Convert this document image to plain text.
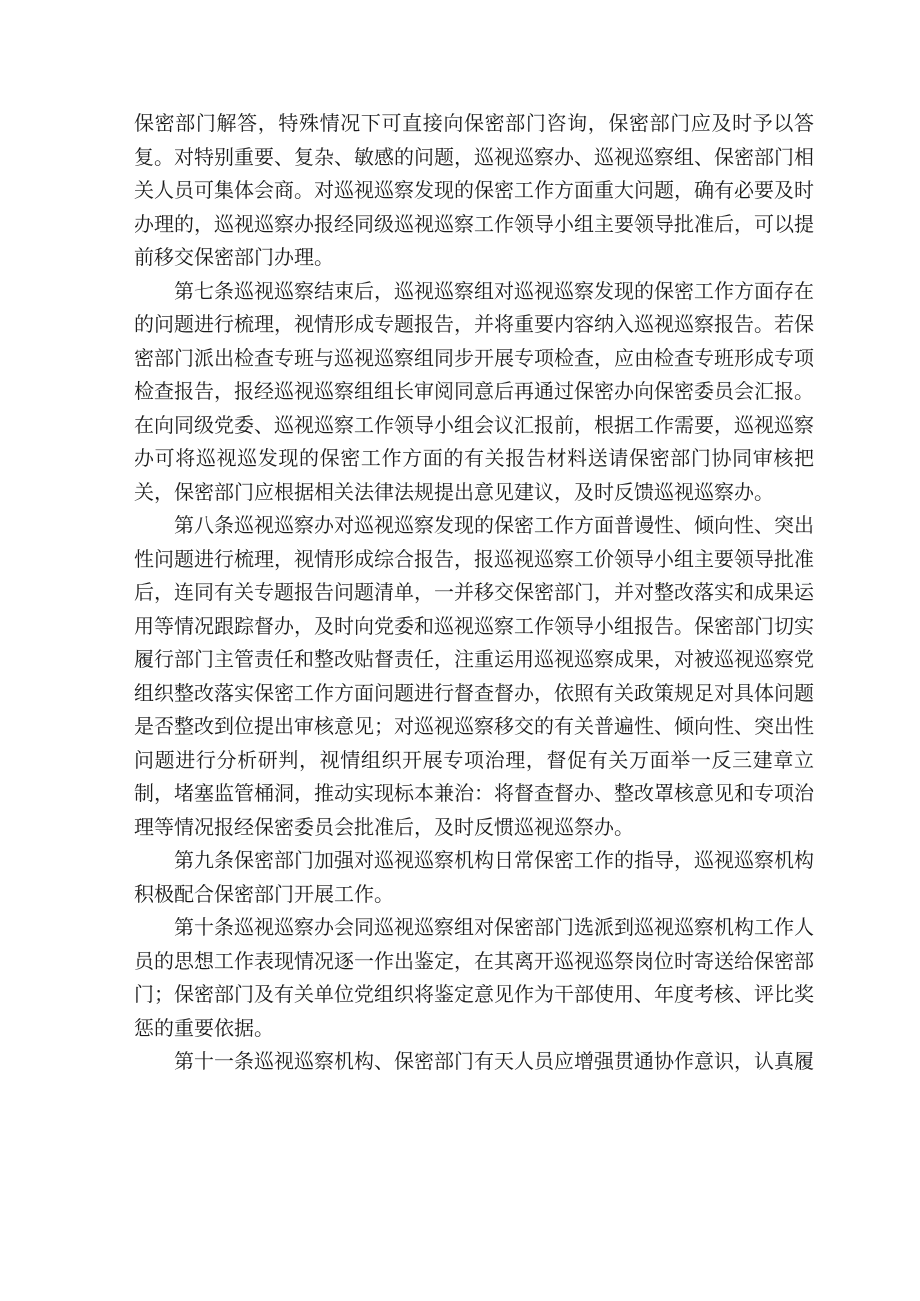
保密部门解答，特殊情况下可直接向保密部门咨询，保密部门应及时予以答复。对特别重要、复杂、敏感的问题，巡视巡察办、巡视巡察组、保密部门相关人员可集体会商。对巡视巡察发现的保密工作方面重大问题，确有必要及时办理的，巡视巡察办报经同级巡视巡察工作领导小组主要领导批准后，可以提前移交保密部门办理。

第七条巡视巡察结束后，巡视巡察组对巡视巡察发现的保密工作方面存在的问题进行梳理，视情形成专题报告，并将重要内容纳入巡视巡察报告。若保密部门派出检查专班与巡视巡察组同步开展专项检查，应由检查专班形成专项检查报告，报经巡视巡察组组长审阅同意后再通过保密办向保密委员会汇报。在向同级党委、巡视巡察工作领导小组会议汇报前，根据工作需要，巡视巡察办可将巡视巡发现的保密工作方面的有关报告材料送请保密部门协同审核把关，保密部门应根据相关法律法规提出意见建议，及时反馈巡视巡察办。

第八条巡视巡察办对巡视巡察发现的保密工作方面普谩性、倾向性、突出性问题进行梳理，视情形成综合报告，报巡视巡察工价领导小组主要领导批准后，连同有关专题报告问题清单，一并移交保密部门，并对整改落实和成果运用等情况跟踪督办，及时向党委和巡视巡察工作领导小组报告。保密部门切实履行部门主管责任和整改贴督责任，注重运用巡视巡察成果，对被巡视巡察党组织整改落实保密工作方面问题进行督查督办，依照有关政策规足对具体问题是否整改到位提出审核意见；对巡视巡察移交的有关普遍性、倾向性、突出性问题进行分析研判，视情组织开展专项治理，督促有关万面举一反三建章立制，堵塞监管桶洞，推动实现标本兼治：将督查督办、整改罩核意见和专项治理等情况报经保密委员会批准后，及时反惯巡视巡祭办。

第九条保密部门加强对巡视巡察机构日常保密工作的指导，巡视巡察机构积极配合保密部门开展工作。

第十条巡视巡察办会同巡视巡察组对保密部门选派到巡视巡察机构工作人员的思想工作表现情况逐一作出鉴定，在其离开巡视巡祭岗位时寄送给保密部门；保密部门及有关单位党组织将鉴定意见作为干部使用、年度考核、评比奖惩的重要依据。

第十一条巡视巡察机构、保密部门有天人员应增强贯通协作意识，认真履
